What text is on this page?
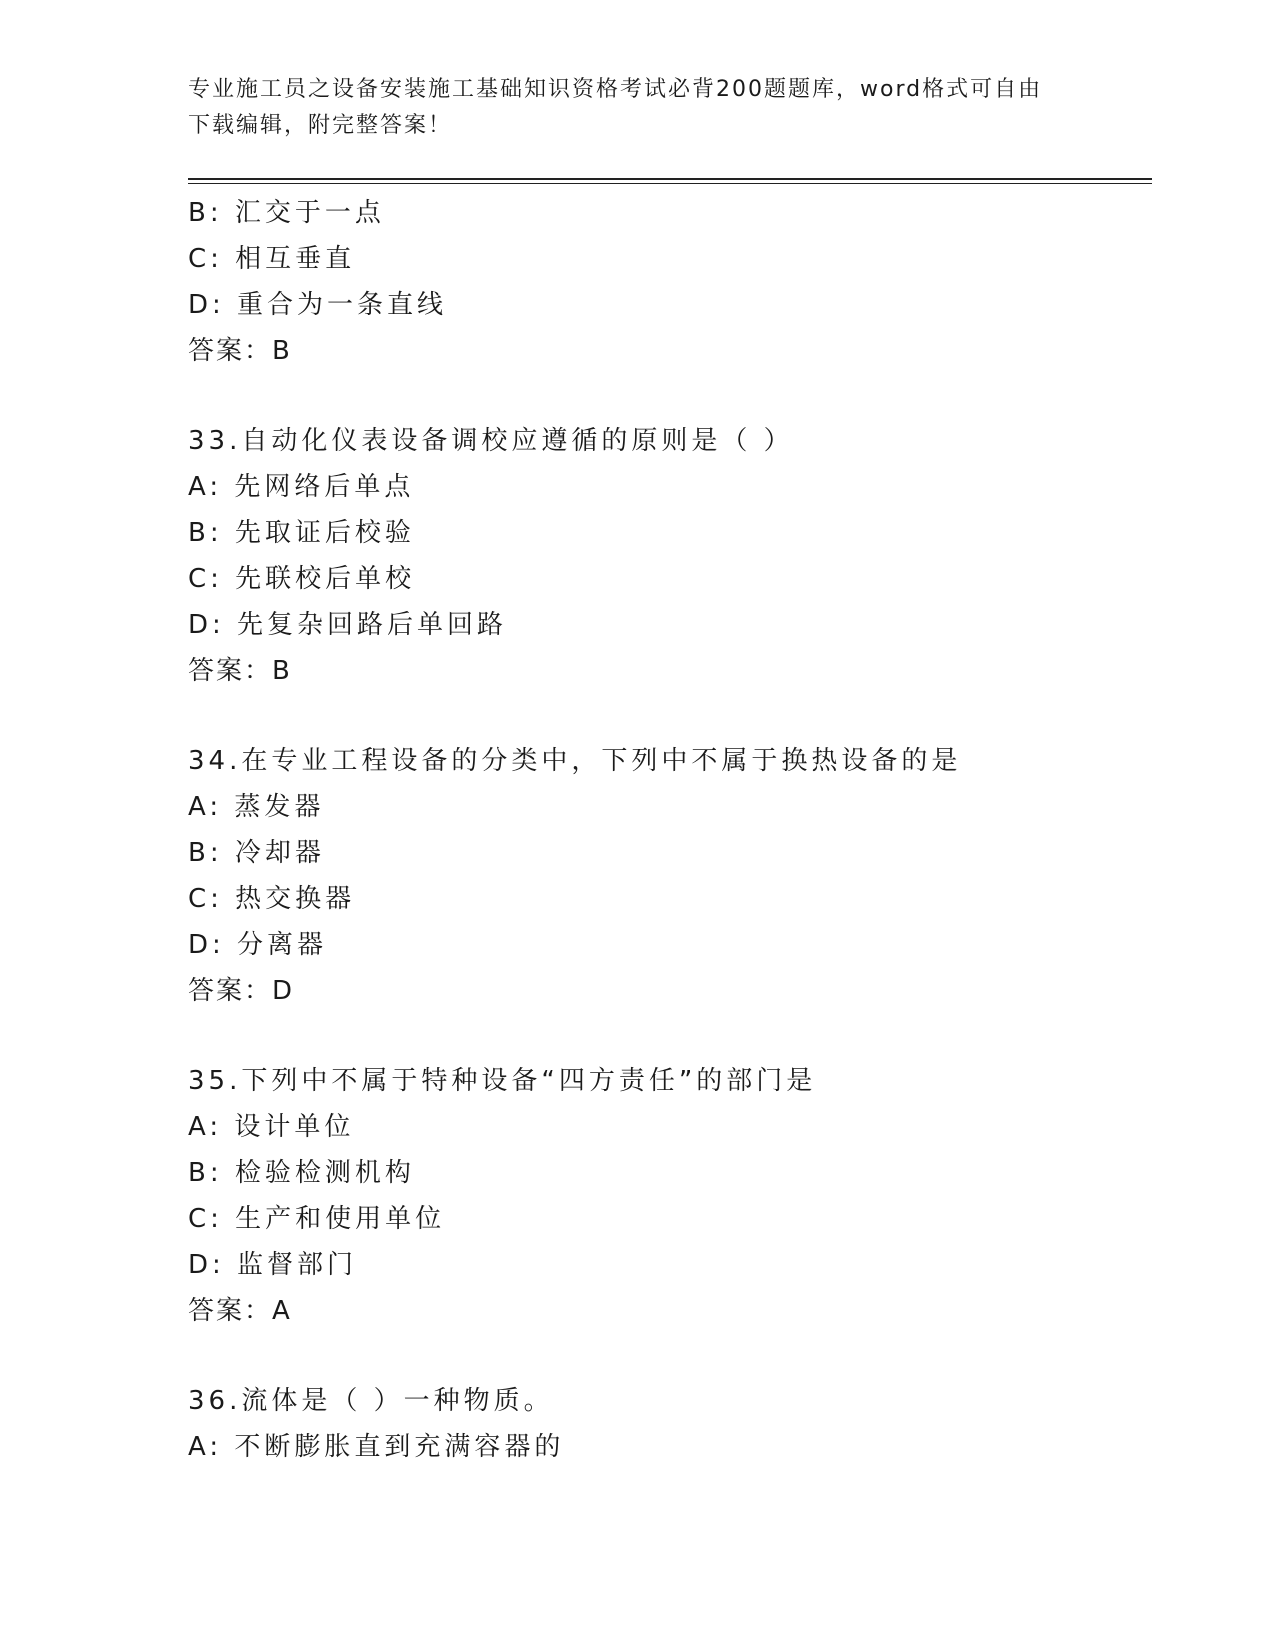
专业施工员之设备安装施工基础知识资格考试必背200题题库，word格式可自由
下载编辑，附完整答案！
B: 汇交于一点
C: 相互垂直
D: 重合为一条直线
答案：B
33.自动化仪表设备调校应遵循的原则是（ ）
A: 先网络后单点
B: 先取证后校验
C: 先联校后单校
D: 先复杂回路后单回路
答案：B
34.在专业工程设备的分类中，下列中不属于换热设备的是
A: 蒸发器
B: 冷却器
C: 热交换器
D: 分离器
答案：D
35.下列中不属于特种设备“四方责任”的部门是
A: 设计单位
B: 检验检测机构
C: 生产和使用单位
D: 监督部门
答案：A
36.流体是（ ）一种物质。
A: 不断膨胀直到充满容器的
